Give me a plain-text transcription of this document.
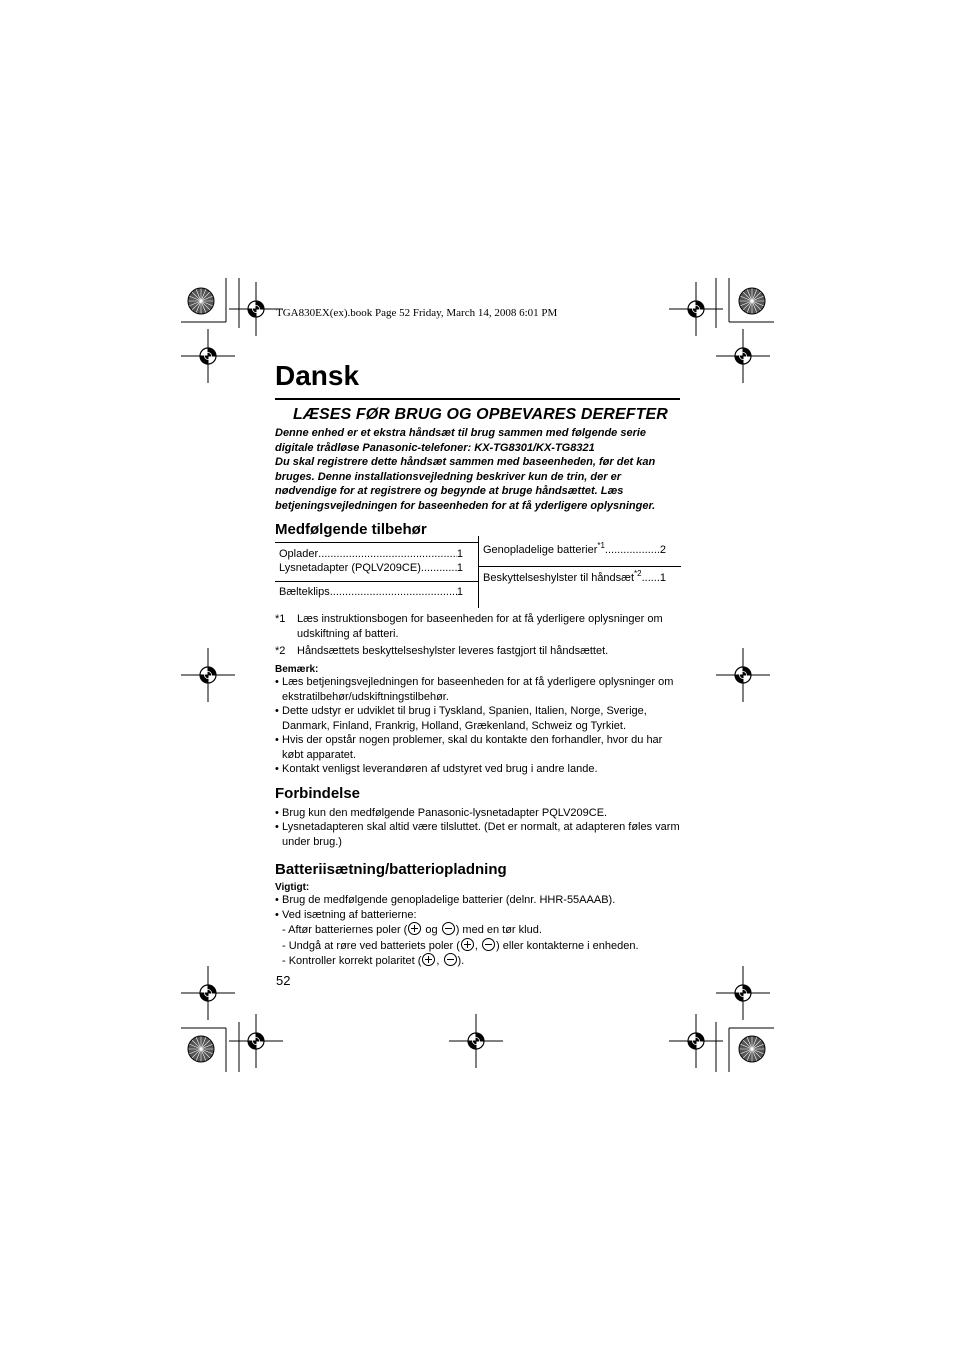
TGA830EX(ex).book Page 52 Friday, March 14, 2008 6:01 PM
Dansk
LÆSES FØR BRUG OG OPBEVARES DEREFTER

Denne enhed er et ekstra håndsæt til brug sammen med følgende serie digitale trådløse Panasonic-telefoner: KX-TG8301/KX-TG8321

Du skal registrere dette håndsæt sammen med baseenheden, før det kan bruges. Denne installationsvejledning beskriver kun de trin, der er nødvendige for at registrere og begynde at bruge håndsættet. Læs betjeningsvejledningen for baseenheden for at få yderligere oplysninger.

Medfølgende tilbehør
Oplader .....	1
Lysnetadapter (PQLV209CE) .....	1
Bælteklips .....	1
Genopladelige batterier$^{*1}$ .....	2
Beskyttelseshylster til håndsæt$^{*2}$ ..... 1
*1	Læs instruktionsbogen for baseenheden for at få yderligere oplysninger om udskiftning af batteri.
*2	Håndsættets beskyttelseshylster leveres fastgjort til håndsættet.
Bemærk:
• Læs betjeningsvejledningen for baseenheden for at få yderligere oplysninger om ekstratilbehør/udskiftningstilbehør.
• Dette udstyr er udviklet til brug i Tyskland, Spanien, Italien, Norge, Sverige, Danmark, Finland, Frankrig, Holland, Grækenland, Schweiz og Tyrkiet.
• Hvis der opstår nogen problemer, skal du kontakte den forhandler, hvor du har købt apparatet.
• Kontakt venligst leverandøren af udstyret ved brug i andre lande.
Forbindelse
• Brug kun den medfølgende Panasonic-lysnetadapter PQLV209CE.
• Lysnetadapteren skal altid være tilsluttet. (Det er normalt, at adapteren føles varm under brug.)
Batteriisætning/batteriopladning
Vigtigt:
• Brug de medfølgende genopladelige batterier (delnr. HHR-55AAAB).
• Ved isætning af batterierne:
- Aftør batteriernes poler ( og ) med en tør klud.
- Undgå at røre ved batteriets poler ( , ) eller kontakterne i enheden.
- Kontroller korrekt polaritet ( , ).
52
